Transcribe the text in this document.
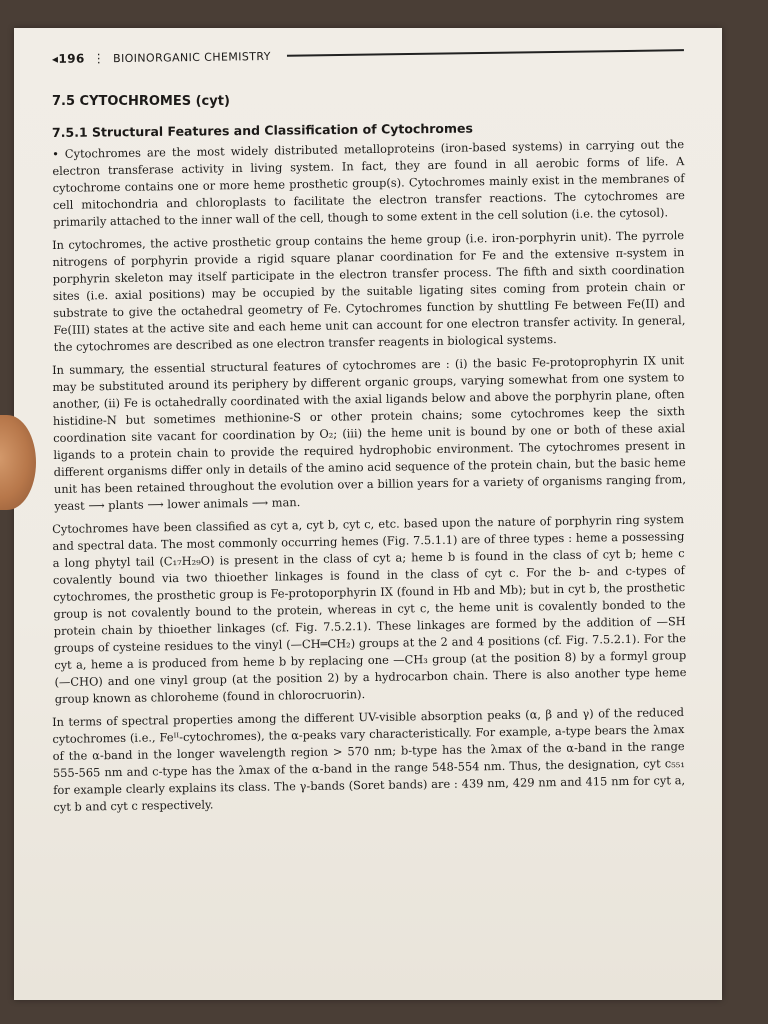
◂196 ⋮ BIOINORGANIC CHEMISTRY
7.5 CYTOCHROMES (cyt)
7.5.1 Structural Features and Classification of Cytochromes

• Cytochromes are the most widely distributed metalloproteins (iron-based systems) in carrying out the electron transferase activity in living system. In fact, they are found in all aerobic forms of life. A cytochrome contains one or more heme prosthetic group(s). Cytochromes mainly exist in the membranes of cell mitochondria and chloroplasts to facilitate the electron transfer reactions. The cytochromes are primarily attached to the inner wall of the cell, though to some extent in the cell solution (i.e. the cytosol).

In cytochromes, the active prosthetic group contains the heme group (i.e. iron-porphyrin unit). The pyrrole nitrogens of porphyrin provide a rigid square planar coordination for Fe and the extensive π-system in porphyrin skeleton may itself participate in the electron transfer process. The fifth and sixth coordination sites (i.e. axial positions) may be occupied by the suitable ligating sites coming from protein chain or substrate to give the octahedral geometry of Fe. Cytochromes function by shuttling Fe between Fe(II) and Fe(III) states at the active site and each heme unit can account for one electron transfer activity. In general, the cytochromes are described as one electron transfer reagents in biological systems.

In summary, the essential structural features of cytochromes are : (i) the basic Fe-protoprophyrin IX unit may be substituted around its periphery by different organic groups, varying somewhat from one system to another, (ii) Fe is octahedrally coordinated with the axial ligands below and above the porphyrin plane, often histidine-N but sometimes methionine-S or other protein chains; some cytochromes keep the sixth coordination site vacant for coordination by O₂; (iii) the heme unit is bound by one or both of these axial ligands to a protein chain to provide the required hydrophobic environment. The cytochromes present in different organisms differ only in details of the amino acid sequence of the protein chain, but the basic heme unit has been retained throughout the evolution over a billion years for a variety of organisms ranging from, yeast ⟶ plants ⟶ lower animals ⟶ man.

Cytochromes have been classified as cyt a, cyt b, cyt c, etc. based upon the nature of porphyrin ring system and spectral data. The most commonly occurring hemes (Fig. 7.5.1.1) are of three types : heme a possessing a long phytyl tail (C₁₇H₂₉O) is present in the class of cyt a; heme b is found in the class of cyt b; heme c covalently bound via two thioether linkages is found in the class of cyt c. For the b- and c-types of cytochromes, the prosthetic group is Fe-protoporphyrin IX (found in Hb and Mb); but in cyt b, the prosthetic group is not covalently bound to the protein, whereas in cyt c, the heme unit is covalently bonded to the protein chain by thioether linkages (cf. Fig. 7.5.2.1). These linkages are formed by the addition of —SH groups of cysteine residues to the vinyl (—CH═CH₂) groups at the 2 and 4 positions (cf. Fig. 7.5.2.1). For the cyt a, heme a is produced from heme b by replacing one —CH₃ group (at the position 8) by a formyl group (—CHO) and one vinyl group (at the position 2) by a hydrocarbon chain. There is also another type heme group known as chloroheme (found in chlorocruorin).

In terms of spectral properties among the different UV-visible absorption peaks (α, β and γ) of the reduced cytochromes (i.e., Feᴵᴵ-cytochromes), the α-peaks vary characteristically. For example, a-type bears the λmax of the α-band in the longer wavelength region > 570 nm; b-type has the λmax of the α-band in the range 555-565 nm and c-type has the λmax of the α-band in the range 548-554 nm. Thus, the designation, cyt c₅₅₁ for example clearly explains its class. The γ-bands (Soret bands) are : 439 nm, 429 nm and 415 nm for cyt a, cyt b and cyt c respectively.
